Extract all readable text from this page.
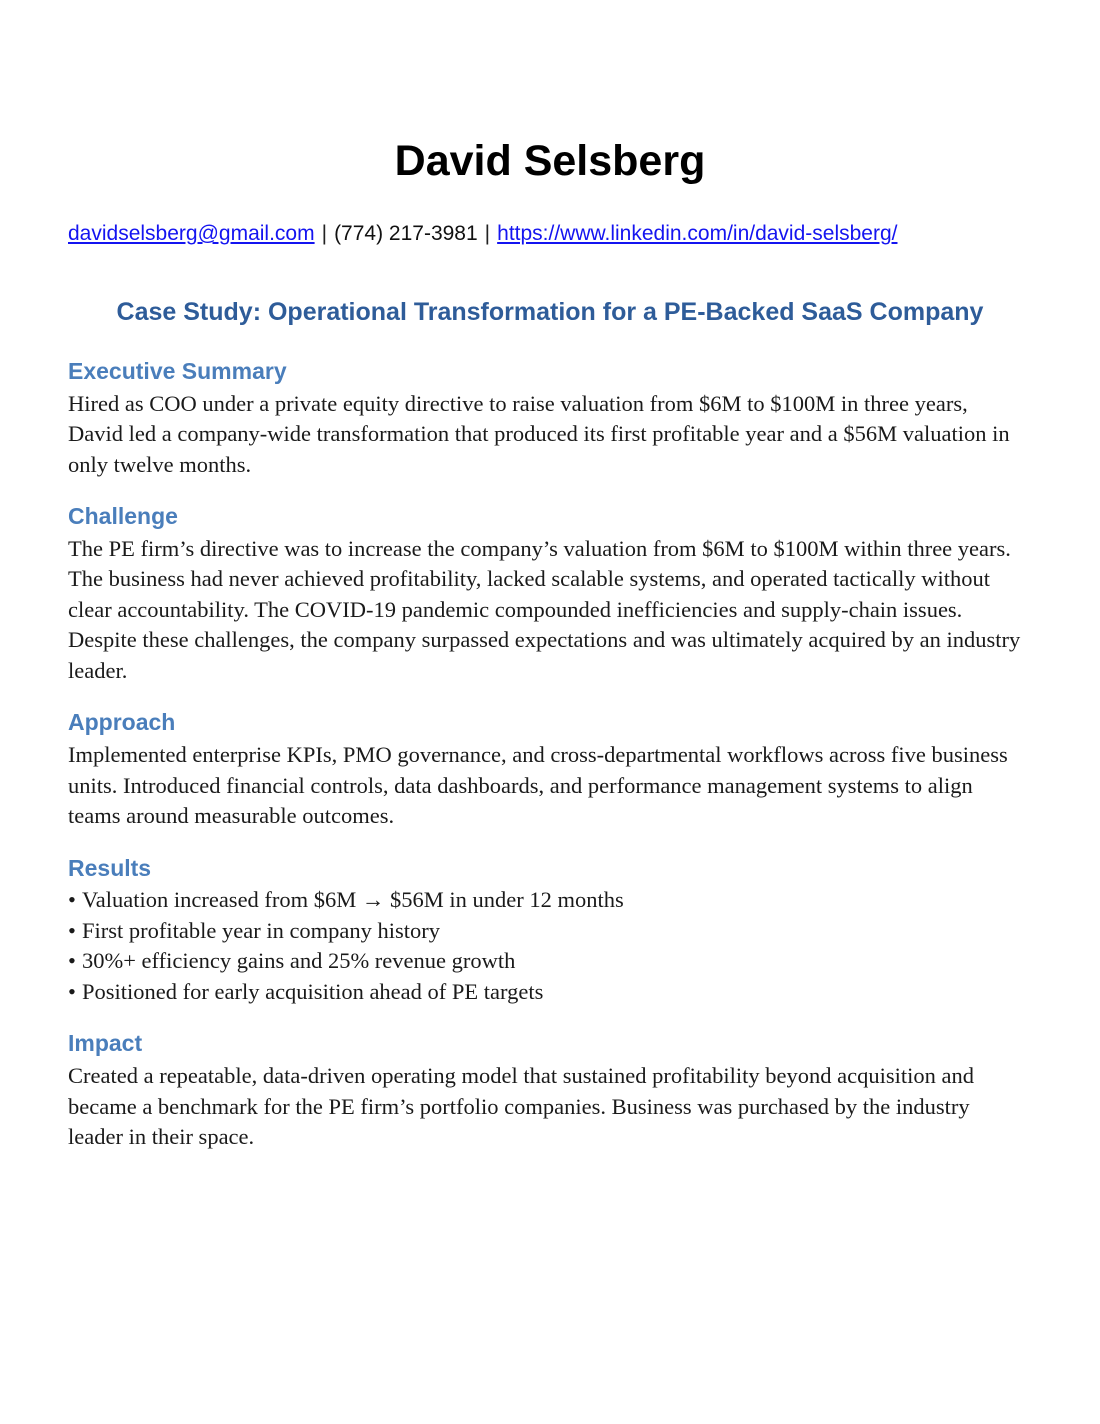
David Selsberg
davidselsberg@gmail.com | (774) 217-3981 | https://www.linkedin.com/in/david-selsberg/
Case Study: Operational Transformation for a PE-Backed SaaS Company
Executive Summary

Hired as COO under a private equity directive to raise valuation from $6M to $100M in three years, David led a company-wide transformation that produced its first profitable year and a $56M valuation in only twelve months.

Challenge

The PE firm’s directive was to increase the company’s valuation from $6M to $100M within three years. The business had never achieved profitability, lacked scalable systems, and operated tactically without clear accountability. The COVID-19 pandemic compounded inefficiencies and supply-chain issues. Despite these challenges, the company surpassed expectations and was ultimately acquired by an industry leader.

Approach

Implemented enterprise KPIs, PMO governance, and cross-departmental workflows across five business units. Introduced financial controls, data dashboards, and performance management systems to align teams around measurable outcomes.

Results
• Valuation increased from $6M → $56M in under 12 months
• First profitable year in company history
• 30%+ efficiency gains and 25% revenue growth
• Positioned for early acquisition ahead of PE targets
Impact

Created a repeatable, data-driven operating model that sustained profitability beyond acquisition and became a benchmark for the PE firm’s portfolio companies. Business was purchased by the industry leader in their space.
